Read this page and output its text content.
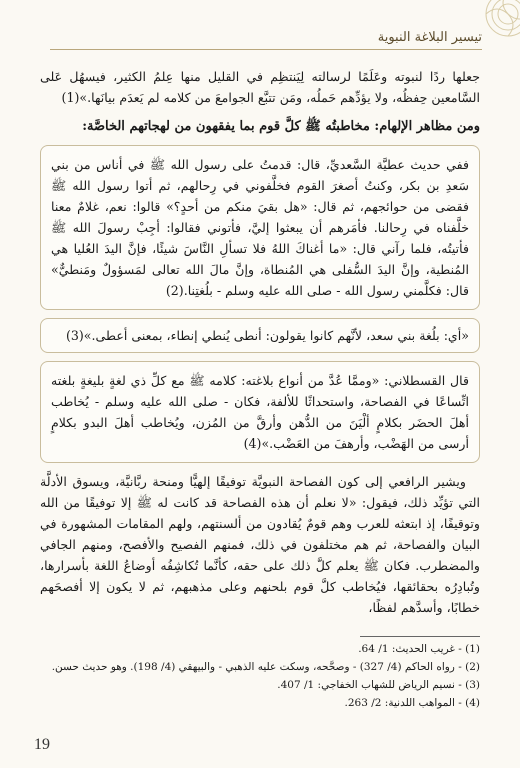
تيسير البلاغة النبوية

جعلها ردًا لنبوته وعَلَمًا لرسالته لِيَنتظِم في القليل منها عِلمُ الكثير، فيسهُل عَلى السَّامعين حِفظُه، ولا يؤدِّهم حَملُه، ومَن تتبَّع الجوامعَ من كلامه لم يَعدَم بيانَها.»(1)

ومن مظاهر الإلهام: مخاطبتُه ﷺ كلَّ قوم بما يفقهون من لهجاتهم الخاصَّة:

ففي حديث عطيَّة السَّعديِّ، قال: قدمتُ على رسول الله ﷺ في أناس من بني سَعدِ بن بكر، وكنتُ أصغرَ القوم فخلَّفوني في رِحالهم، ثم أتوا رسول الله ﷺ فقضى من حوائجهم، ثم قال: «هل بقيَ منكم من أحدٍ؟» قالوا: نعم، غلامٌ معنا خلَّفناه في رِحالنا. فأمَرهم أن يبعثوا إليَّ، فأتوني فقالوا: أجِبْ رسولَ الله ﷺ فأتيتُه، فلما رآني قال: «ما أغناكَ اللهُ فلا تسألِ النَّاسَ شيئًا، فإنَّ اليدَ العُليا هي المُنطية، وإنَّ اليدَ السُّفلى هي المُنطاة، وإنَّ مالَ الله تعالى لمَسؤولٌ ومَنطيٌّ» قال: فكلَّمني رسول الله - صلى الله عليه وسلم - بلُغتِنا.(2)

«أي: بلُغة بني سعد، لأنَّهم كانوا يقولون: أنطى يُنطي إنطاء، بمعنى أعطى.»(3)

قال القسطلاني: «وممَّا عُدَّ من أنواع بلاغته: كلامه ﷺ مع كلِّ ذي لغةٍ بليغةٍ بلغته اتِّساعًا في الفصاحة، واستحداثًا للألفة، فكان - صلى الله عليه وسلم - يُخاطب أهلَ الحضَر بكلامٍ ألْيَنَ من الدُّهن وأرقَّ من المُزن، ويُخاطب أهلَ البدو بكلامٍ أرسى من الهَضْب، وأرهفَ من العَضْب.»(4)

ويشير الرافعي إلى كون الفصاحة النبويَّة توفيقًا إلهيًّا ومنحة ربَّانيَّة، ويسوق الأدلَّة التي تؤيِّد ذلك، فيقول: «لا نعلم أن هذه الفصاحة قد كانت له ﷺ إلا توفيقًا من الله وتوقيفًا، إذ ابتعثه للعرب وهم قومٌ يُقادون من ألسنتهم، ولهم المقامات المشهورة في البيان والفصاحة، ثم هم مختلفون في ذلك، فمنهم الفصيح والأفصح، ومنهم الجافي والمضطرب. فكان ﷺ يعلم كلَّ ذلك على حقه، كأنَّما تُكاشِفُه أوضاعُ اللغة بأسرارها، وتُبادِرُه بحقائقها، فيُخاطب كلَّ قوم بلحنهم وعلى مذهبهم، ثم لا يكون إلا أفصحَهم خطابًا، وأسدَّهم لفظًا،

(1) - غريب الحديث: 1/ 64.
(2) - رواه الحاكم (4/ 327) - وصحَّحه، وسكت عليه الذهبي - والبيهقي (4/ 198). وهو حديث حسن.
(3) - نسيم الرياض للشهاب الخفاجي: 1/ 407.
(4) - المواهب اللدنية: 2/ 263.
19
